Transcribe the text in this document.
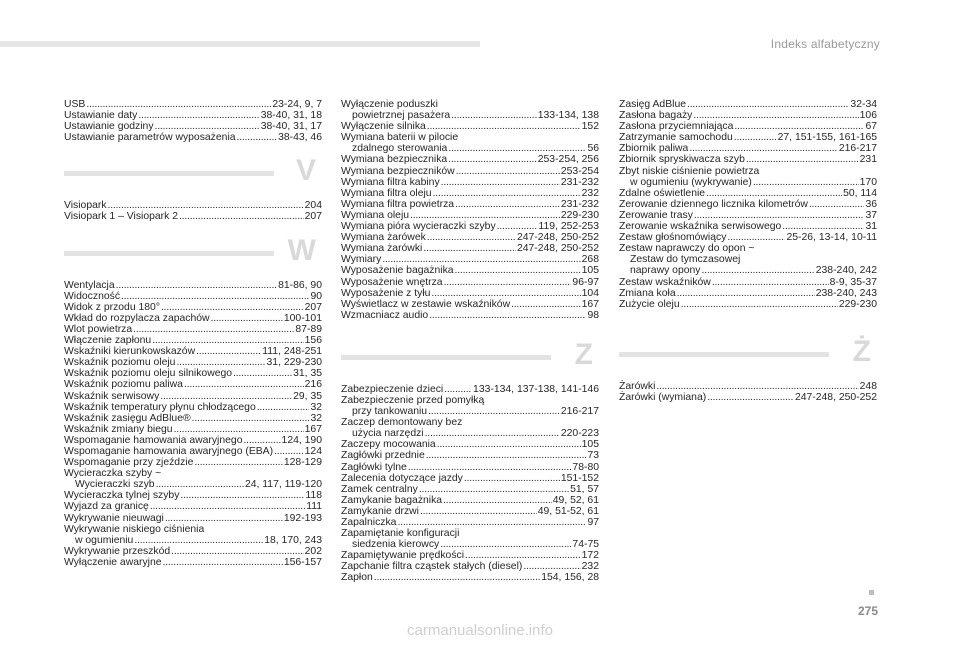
Indeks alfabetyczny
USB .....	23-24, 9, 7
Ustawianie daty .....	38-40, 31, 18
Ustawianie godziny .....	38-40, 31, 17
Ustawianie parametrów wyposażenia .....	38-43, 46
V
Visiopark .....	204
Visiopark 1 – Visiopark 2 .....	207
W
Wentylacja .....	81-86, 90
Widoczność .....	90
Widok z przodu 180° .....	207
Wkład do rozpylacza zapachów .....	100-101
Wlot powietrza .....	87-89
Włączenie zapłonu .....	156
Wskaźniki kierunkowskazów .....	111, 248-251
Wskaźnik poziomu oleju .....	31, 229-230
Wskaźnik poziomu oleju silnikowego .....	31, 35
Wskaźnik poziomu paliwa .....	216
Wskaźnik serwisowy .....	29, 35
Wskaźnik temperatury płynu chłodzącego .....	32
Wskaźnik zasięgu AdBlue® .....	32
Wskaźnik zmiany biegu .....	167
Wspomaganie hamowania awaryjnego .....	124, 190
Wspomaganie hamowania awaryjnego (EBA) .....	124
Wspomaganie przy zjeździe .....	128-129
Wycieraczka szyby ~
Wycieraczki szyb .....	24, 117, 119-120
Wycieraczka tylnej szyby .....	118
Wyjazd za granicę .....	111
Wykrywanie nieuwagi .....	192-193
Wykrywanie niskiego ciśnienia
w ogumieniu .....	18, 170, 243
Wykrywanie przeszkód .....	202
Wyłączenie awaryjne .....	156-157
Wyłączenie poduszki
powietrznej pasażera .....	133-134, 138
Wyłączenie silnika .....	152
Wymiana baterii w pilocie
zdalnego sterowania .....	56
Wymiana bezpiecznika .....	253-254, 256
Wymiana bezpieczników .....	253-254
Wymiana filtra kabiny .....	231-232
Wymiana filtra oleju .....	232
Wymiana filtra powietrza .....	231-232
Wymiana oleju .....	229-230
Wymiana pióra wycieraczki szyby .....	119, 252-253
Wymiana żarówek .....	247-248, 250-252
Wymiana żarówki .....	247-248, 250-252
Wymiary .....	268
Wyposażenie bagażnika .....	105
Wyposażenie wnętrza .....	96-97
Wyposażenie z tyłu .....	104
Wyświetlacz w zestawie wskaźników .....	167
Wzmacniacz audio .....	98
Z
Zabezpieczenie dzieci .....	133-134, 137-138, 141-146
Zabezpieczenie przed pomyłką
przy tankowaniu .....	216-217
Zaczep demontowany bez
użycia narzędzi .....	220-223
Zaczepy mocowania .....	105
Zagłówki przednie .....	73
Zagłówki tylne .....	78-80
Zalecenia dotyczące jazdy .....	151-152
Zamek centralny .....	51, 57
Zamykanie bagażnika .....	49, 52, 61
Zamykanie drzwi .....	49, 51-52, 61
Zapalniczka .....	97
Zapamiętanie konfiguracji
siedzenia kierowcy .....	74-75
Zapamiętywanie prędkości .....	172
Zapchanie filtra cząstek stałych (diesel) .....	232
Zapłon .....	154, 156, 28
Zasięg AdBlue .....	32-34
Zasłona bagaży .....	106
Zasłona przyciemniająca .....	67
Zatrzymanie samochodu .....	27, 151-155, 161-165
Zbiornik paliwa .....	216-217
Zbiornik spryskiwacza szyb .....	231
Zbyt niskie ciśnienie powietrza
w ogumieniu (wykrywanie) .....	170
Zdalne oświetlenie .....	50, 114
Zerowanie dziennego licznika kilometrów .....	36
Zerowanie trasy .....	37
Zerowanie wskaźnika serwisowego .....	31
Zestaw głośnomówiący .....	25-26, 13-14, 10-11
Zestaw naprawczy do opon ~
Zestaw do tymczasowej
naprawy opony .....	238-240, 242
Zestaw wskaźników .....	8-9, 35-37
Zmiana koła .....	238-240, 243
Zużycie oleju .....	229-230
Ż
Żarówki .....	248
Żarówki (wymiana) .....	247-248, 250-252
275
carmanualsonline.info
